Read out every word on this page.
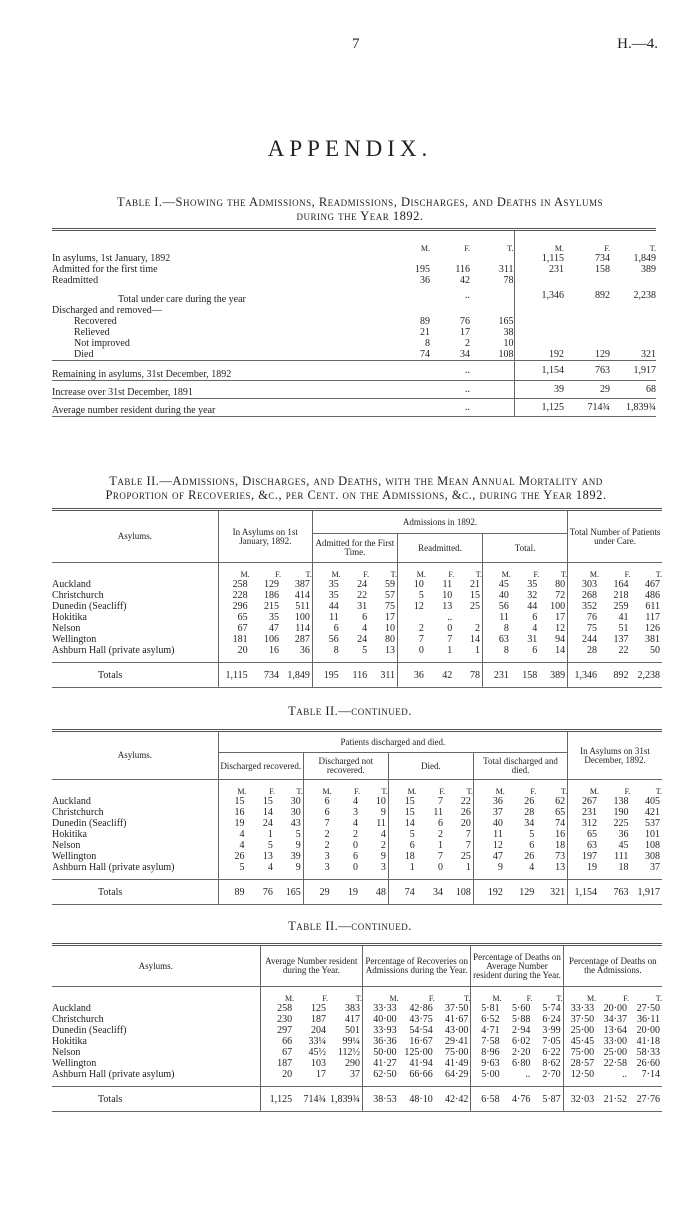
7	H.—4.
APPENDIX.
Table I.—Showing the Admissions, Readmissions, Discharges, and Deaths in Asylums
during the Year 1892.
	M.	F.	T.	M.	F.	T.
In asylums, 1st January, 1892				1,115	734	1,849
Admitted for the first time	195	116	311	231	158	389
Readmitted	36	42	78			
Total under care during the year		..		1,346	892	2,238
Discharged and removed—						
Recovered	89	76	165			
Relieved	21	17	38			
Not improved	8	2	10			
Died	74	34	108	192	129	321
Remaining in asylums, 31st December, 1892		..		1,154	763	1,917
Increase over 31st December, 1891		..		39	29	68
Average number resident during the year		..		1,125	714¾	1,839¾
Table II.—Admissions, Discharges, and Deaths, with the Mean Annual Mortality and
Proportion of Recoveries, &c., per Cent. on the Admissions, &c., during the Year 1892.
Asylums.	In Asylums on 1st January, 1892.			Admissions in 1892.									Total Number of Patients under Care.		
				Admitted for the First Time.			Readmitted.			Total.					
	M.	F.	T.	M.	F.	T.	M.	F.	T.	M.	F.	T.	M.	F.	T.
Auckland	258	129	387	35	24	59	10	11	21	45	35	80	303	164	467
Christchurch	228	186	414	35	22	57	5	10	15	40	32	72	268	218	486
Dunedin (Seacliff)	296	215	511	44	31	75	12	13	25	56	44	100	352	259	611
Hokitika	65	35	100	11	6	17		..		11	6	17	76	41	117
Nelson	67	47	114	6	4	10	2	0	2	8	4	12	75	51	126
Wellington	181	106	287	56	24	80	7	7	14	63	31	94	244	137	381
Ashburn Hall (private asylum)	20	16	36	8	5	13	0	1	1	8	6	14	28	22	50

Totals	1,115	734	1,849	195	116	311	36	42	78	231	158	389	1,346	892	2,238
Table II.—continued.
Asylums.	Patients discharged and died.												In Asylums on 31st December, 1892.		
	Discharged recovered.			Discharged not recovered.			Died.			Total discharged and died.					
	M.	F.	T.	M.	F.	T.	M.	F.	T.	M.	F.	T.	M.	F.	T.
Auckland	15	15	30	6	4	10	15	7	22	36	26	62	267	138	405
Christchurch	16	14	30	6	3	9	15	11	26	37	28	65	231	190	421
Dunedin (Seacliff)	19	24	43	7	4	11	14	6	20	40	34	74	312	225	537
Hokitika	4	1	5	2	2	4	5	2	7	11	5	16	65	36	101
Nelson	4	5	9	2	0	2	6	1	7	12	6	18	63	45	108
Wellington	26	13	39	3	6	9	18	7	25	47	26	73	197	111	308
Ashburn Hall (private asylum)	5	4	9	3	0	3	1	0	1	9	4	13	19	18	37

Totals	89	76	165	29	19	48	74	34	108	192	129	321	1,154	763	1,917
Table II.—continued.
Asylums.	Average Number resident during the Year.			Percentage of Recoveries on Admissions during the Year.			Percentage of Deaths on Average Number resident during the Year.			Percentage of Deaths on the Admissions.		
	M.	F.	T.	M.	F.	T.	M.	F.	T.	M.	F.	T.
Auckland	258	125	383	33·33	42·86	37·50	5·81	5·60	5·74	33·33	20·00	27·50
Christchurch	230	187	417	40·00	43·75	41·67	6·52	5·88	6·24	37·50	34·37	36·11
Dunedin (Seacliff)	297	204	501	33·93	54·54	43·00	4·71	2·94	3·99	25·00	13·64	20·00
Hokitika	66	33¼	99¼	36·36	16·67	29·41	7·58	6·02	7·05	45·45	33·00	41·18
Nelson	67	45½	112½	50·00	125·00	75·00	8·96	2·20	6·22	75·00	25·00	58·33
Wellington	187	103	290	41·27	41·94	41·49	9·63	6·80	8·62	28·57	22·58	26·60
Ashburn Hall (private asylum)	20	17	37	62·50	66·66	64·29	5·00	..	2·70	12·50	..	7·14

Totals	1,125	714¾	1,839¾	38·53	48·10	42·42	6·58	4·76	5·87	32·03	21·52	27·76
